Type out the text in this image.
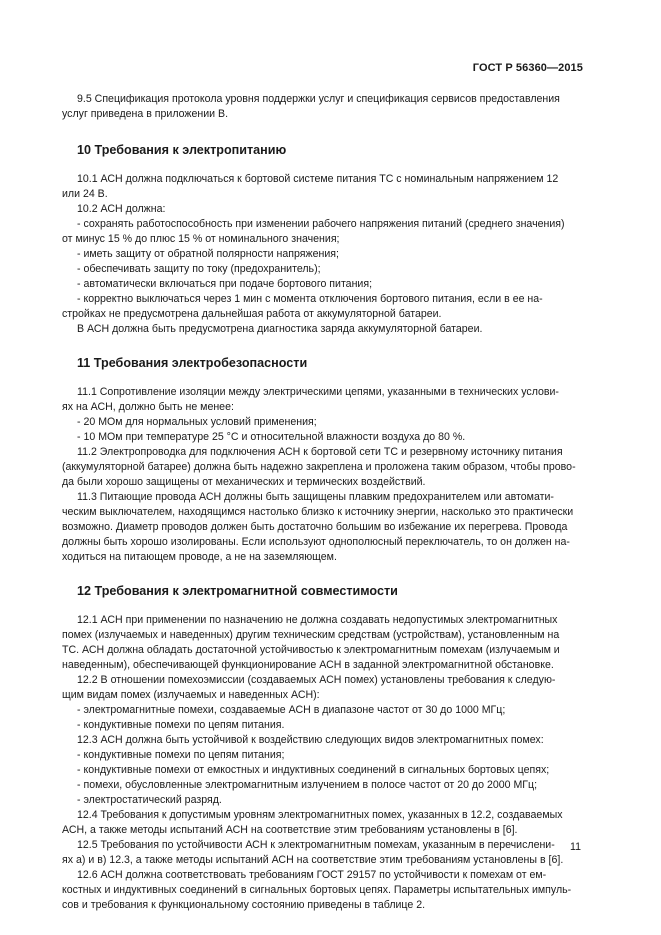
ГОСТ Р 56360—2015
9.5 Спецификация протокола уровня поддержки услуг и спецификация сервисов предоставления
услуг приведена в приложении В.
10 Требования к электропитанию
10.1 АСН должна подключаться к бортовой системе питания ТС с номинальным напряжением 12
или 24 В.
10.2 АСН должна:
- сохранять работоспособность при изменении рабочего напряжения питаний (среднего значения)
от минус 15 % до плюс 15 % от номинального значения;
- иметь защиту от обратной полярности напряжения;
- обеспечивать защиту по току (предохранитель);
- автоматически включаться при подаче бортового питания;
- корректно выключаться через 1 мин с момента отключения бортового питания, если в ее на-
стройках не предусмотрена дальнейшая работа от аккумуляторной батареи.
В АСН должна быть предусмотрена диагностика заряда аккумуляторной батареи.
11 Требования электробезопасности
11.1 Сопротивление изоляции между электрическими цепями, указанными в технических услови-
ях на АСН, должно быть не менее:
- 20 МОм для нормальных условий применения;
- 10 МОм при температуре 25 °С и относительной влажности воздуха до 80 %.
11.2 Электропроводка для подключения АСН к бортовой сети ТС и резервному источнику питания
(аккумуляторной батарее) должна быть надежно закреплена и проложена таким образом, чтобы прово-
да были хорошо защищены от механических и термических воздействий.
11.3 Питающие провода АСН должны быть защищены плавким предохранителем или автомати-
ческим выключателем, находящимся настолько близко к источнику энергии, насколько это практически
возможно. Диаметр проводов должен быть достаточно большим во избежание их перегрева. Провода
должны быть хорошо изолированы. Если используют однополюсный переключатель, то он должен на-
ходиться на питающем проводе, а не на заземляющем.
12 Требования к электромагнитной совместимости
12.1 АСН при применении по назначению не должна создавать недопустимых электромагнитных
помех (излучаемых и наведенных) другим техническим средствам (устройствам), установленным на
ТС. АСН должна обладать достаточной устойчивостью к электромагнитным помехам (излучаемым и
наведенным), обеспечивающей функционирование АСН в заданной электромагнитной обстановке.
12.2 В отношении помехоэмиссии (создаваемых АСН помех) установлены требования к следую-
щим видам помех (излучаемых и наведенных АСН):
- электромагнитные помехи, создаваемые АСН в диапазоне частот от 30 до 1000 МГц;
- кондуктивные помехи по цепям питания.
12.3 АСН должна быть устойчивой к воздействию следующих видов электромагнитных помех:
- кондуктивные помехи по цепям питания;
- кондуктивные помехи от емкостных и индуктивных соединений в сигнальных бортовых цепях;
- помехи, обусловленные электромагнитным излучением в полосе частот от 20 до 2000 МГц;
- электростатический разряд.
12.4 Требования к допустимым уровням электромагнитных помех, указанных в 12.2, создаваемых
АСН, а также методы испытаний АСН на соответствие этим требованиям установлены в [6].
12.5 Требования по устойчивости АСН к электромагнитным помехам, указанным в перечислени-
ях а) и в) 12.3, а также методы испытаний АСН на соответствие этим требованиям установлены в [6].
12.6 АСН должна соответствовать требованиям ГОСТ 29157 по устойчивости к помехам от ем-
костных и индуктивных соединений в сигнальных бортовых цепях. Параметры испытательных импуль-
сов и требования к функциональному состоянию приведены в таблице 2.
11
